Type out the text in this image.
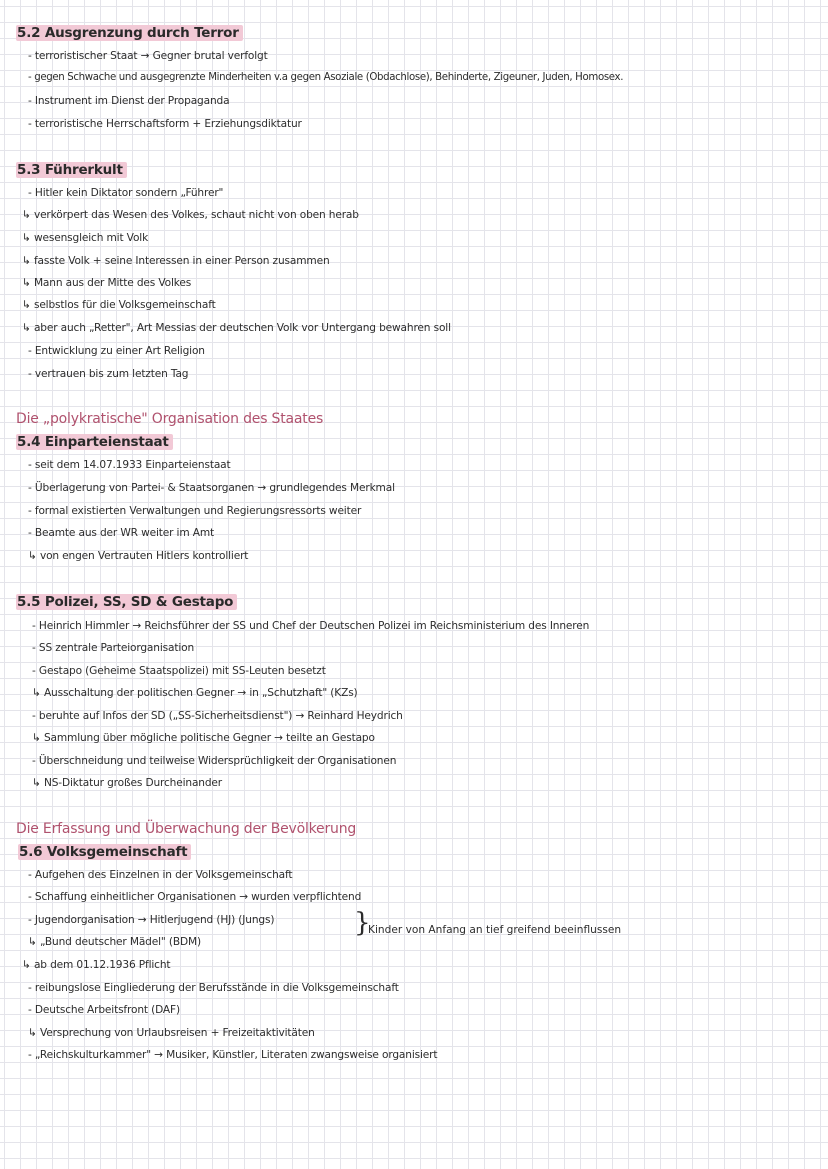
5.2 Ausgrenzung durch Terror
- terroristischer Staat → Gegner brutal verfolgt
- gegen Schwache und ausgegrenzte Minderheiten v.a gegen Asoziale (Obdachlose), Behinderte, Zigeuner, Juden, Homosex.
- Instrument im Dienst der Propaganda
- terroristische Herrschaftsform + Erziehungsdiktatur
5.3 Führerkult
- Hitler kein Diktator sondern „Führer"
↳ verkörpert das Wesen des Volkes, schaut nicht von oben herab
↳ wesensgleich mit Volk
↳ fasste Volk + seine Interessen in einer Person zusammen
↳ Mann aus der Mitte des Volkes
↳ selbstlos für die Volksgemeinschaft
↳ aber auch „Retter", Art Messias der deutschen Volk vor Untergang bewahren soll
- Entwicklung zu einer Art Religion
- vertrauen bis zum letzten Tag
Die „polykratische" Organisation des Staates
5.4 Einparteienstaat
- seit dem 14.07.1933 Einparteienstaat
- Überlagerung von Partei- & Staatsorganen → grundlegendes Merkmal
- formal existierten Verwaltungen und Regierungsressorts weiter
- Beamte aus der WR weiter im Amt
↳ von engen Vertrauten Hitlers kontrolliert
5.5 Polizei, SS, SD & Gestapo
- Heinrich Himmler → Reichsführer der SS und Chef der Deutschen Polizei im Reichsministerium des Inneren
- SS zentrale Parteiorganisation
- Gestapo (Geheime Staatspolizei) mit SS-Leuten besetzt
↳ Ausschaltung der politischen Gegner → in „Schutzhaft" (KZs)
- beruhte auf Infos der SD („SS-Sicherheitsdienst") → Reinhard Heydrich
↳ Sammlung über mögliche politische Gegner → teilte an Gestapo
- Überschneidung und teilweise Widersprüchligkeit der Organisationen
↳ NS-Diktatur großes Durcheinander
Die Erfassung und Überwachung der Bevölkerung
5.6 Volksgemeinschaft
- Aufgehen des Einzelnen in der Volksgemeinschaft
- Schaffung einheitlicher Organisationen → wurden verpflichtend
- Jugendorganisation → Hitlerjugend (HJ) (Jungs)
↳ „Bund deutscher Mädel" (BDM)
}
Kinder von Anfang an tief greifend beeinflussen
↳ ab dem 01.12.1936 Pflicht
- reibungslose Eingliederung der Berufsstände in die Volksgemeinschaft
- Deutsche Arbeitsfront (DAF)
↳ Versprechung von Urlaubsreisen + Freizeitaktivitäten
- „Reichskulturkammer" → Musiker, Künstler, Literaten zwangsweise organisiert
